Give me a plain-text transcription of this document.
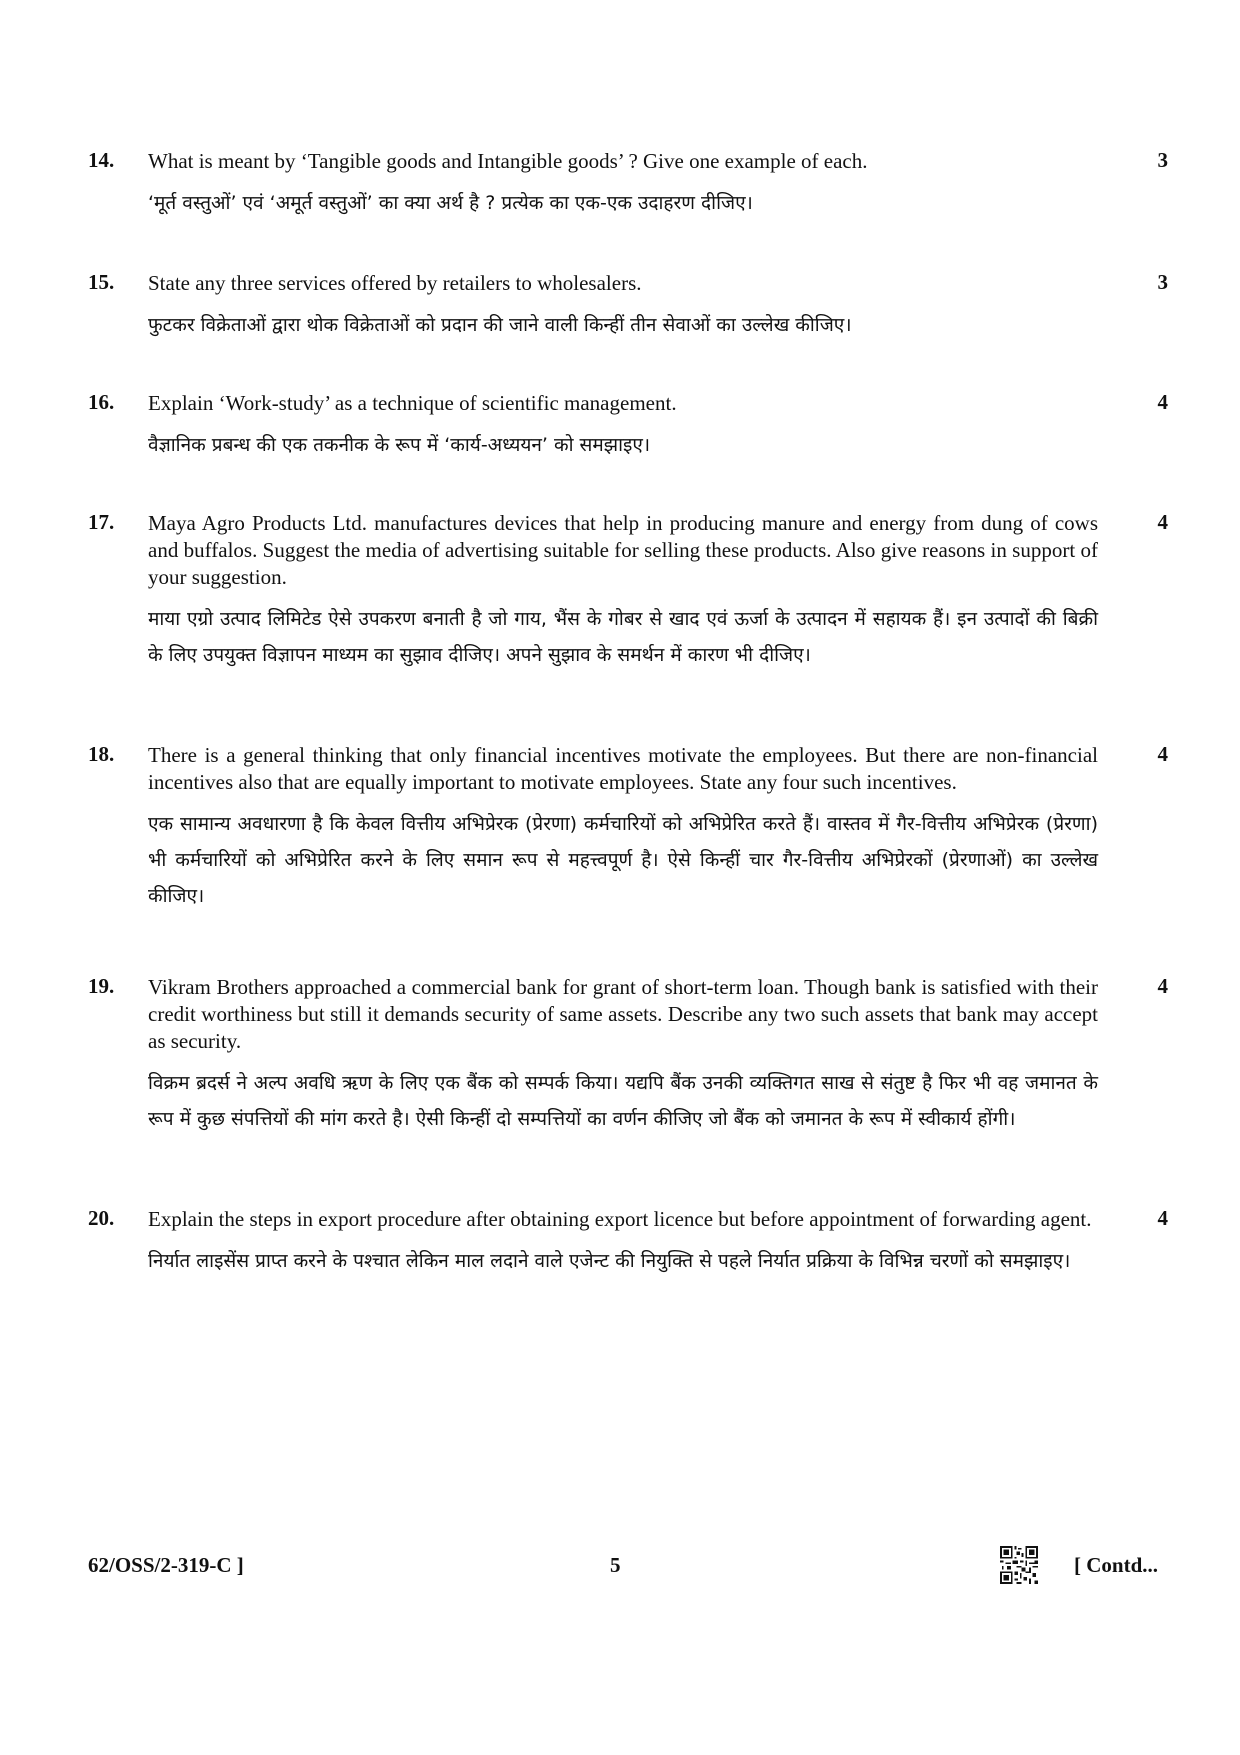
14. What is meant by ‘Tangible goods and Intangible goods’ ? Give one example of each.

‘मूर्त वस्तुओं’ एवं ‘अमूर्त वस्तुओं’ का क्या अर्थ है ? प्रत्येक का एक-एक उदाहरण दीजिए।

3
15. State any three services offered by retailers to wholesalers.

फुटकर विक्रेताओं द्वारा थोक विक्रेताओं को प्रदान की जाने वाली किन्हीं तीन सेवाओं का उल्लेख कीजिए।

3
16. Explain ‘Work-study’ as a technique of scientific management.

वैज्ञानिक प्रबन्ध की एक तकनीक के रूप में ‘कार्य-अध्ययन’ को समझाइए।

4
17. Maya Agro Products Ltd. manufactures devices that help in producing manure and energy from dung of cows and buffalos. Suggest the media of advertising suitable for selling these products. Also give reasons in support of your suggestion.

माया एग्रो उत्पाद लिमिटेड ऐसे उपकरण बनाती है जो गाय, भैंस के गोबर से खाद एवं ऊर्जा के उत्पादन में सहायक हैं। इन उत्पादों की बिक्री के लिए उपयुक्त विज्ञापन माध्यम का सुझाव दीजिए। अपने सुझाव के समर्थन में कारण भी दीजिए।

4
18. There is a general thinking that only financial incentives motivate the employees. But there are non-financial incentives also that are equally important to motivate employees. State any four such incentives.

एक सामान्य अवधारणा है कि केवल वित्तीय अभिप्रेरक (प्रेरणा) कर्मचारियों को अभिप्रेरित करते हैं। वास्तव में गैर-वित्तीय अभिप्रेरक (प्रेरणा) भी कर्मचारियों को अभिप्रेरित करने के लिए समान रूप से महत्त्वपूर्ण है। ऐसे किन्हीं चार गैर-वित्तीय अभिप्रेरकों (प्रेरणाओं) का उल्लेख कीजिए।

4
19. Vikram Brothers approached a commercial bank for grant of short-term loan. Though bank is satisfied with their credit worthiness but still it demands security of same assets. Describe any two such assets that bank may accept as security.

विक्रम ब्रदर्स ने अल्प अवधि ऋण के लिए एक बैंक को सम्पर्क किया। यद्यपि बैंक उनकी व्यक्तिगत साख से संतुष्ट है फिर भी वह जमानत के रूप में कुछ संपत्तियों की मांग करते है। ऐसी किन्हीं दो सम्पत्तियों का वर्णन कीजिए जो बैंक को जमानत के रूप में स्वीकार्य होंगी।

4
20. Explain the steps in export procedure after obtaining export licence but before appointment of forwarding agent.

निर्यात लाइसेंस प्राप्त करने के पश्चात लेकिन माल लदाने वाले एजेन्ट की नियुक्ति से पहले निर्यात प्रक्रिया के विभिन्न चरणों को समझाइए।

4
62/OSS/2-319-C ]	5	[ Contd...
